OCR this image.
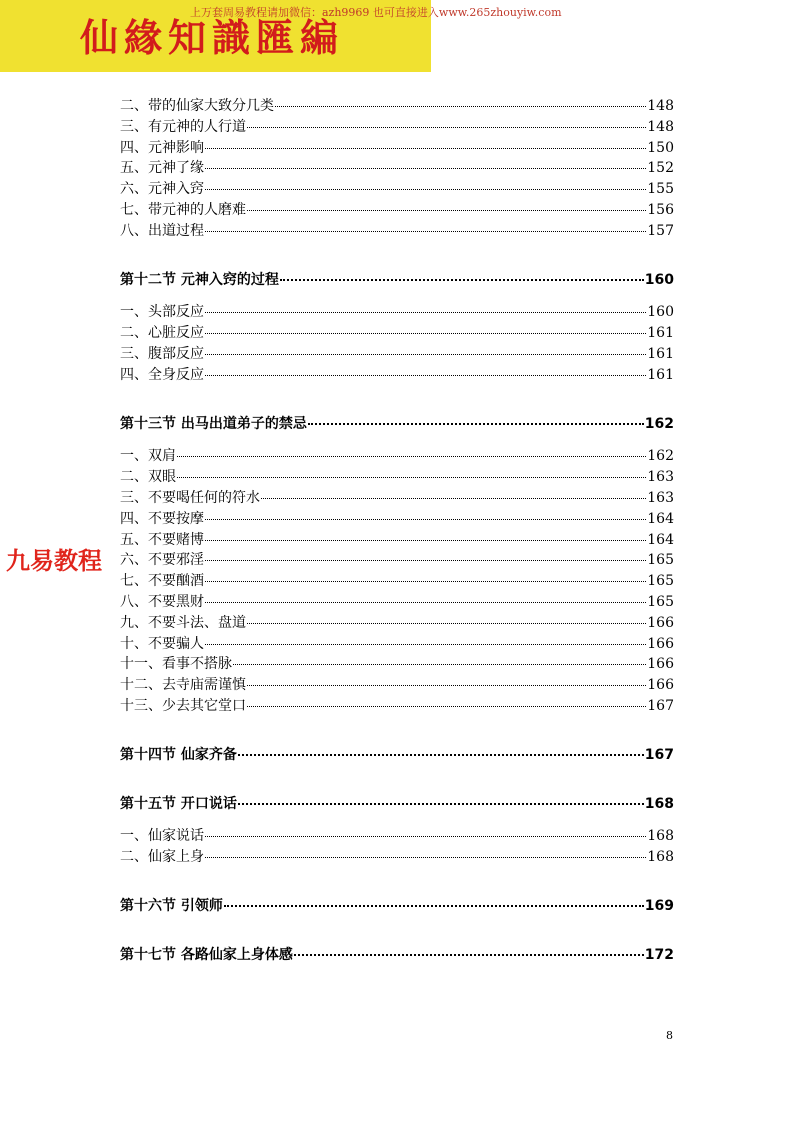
仙緣知識匯編
上万套周易教程请加微信：azh9969 也可直接进入www.265zhouyiw.com
二、带的仙家大致分几类	148
三、有元神的人行道	148
四、元神影响	150
五、元神了缘	152
六、元神入窍	155
七、带元神的人磨难	156
八、出道过程	157
第十二节 元神入窍的过程	160
一、头部反应	160
二、心脏反应	161
三、腹部反应	161
四、全身反应	161
第十三节 出马出道弟子的禁忌	162
一、双肩	162
二、双眼	163
三、不要喝任何的符水	163
四、不要按摩	164
五、不要赌博	164
六、不要邪淫	165
七、不要酗酒	165
八、不要黑财	165
九、不要斗法、盘道	166
十、不要骗人	166
十一、看事不搭脉	166
十二、去寺庙需谨慎	166
十三、少去其它堂口	167
第十四节 仙家齐备	167
第十五节 开口说话	168
一、仙家说话	168
二、仙家上身	168
第十六节 引领师	169
第十七节 各路仙家上身体感	172
九易教程
8
